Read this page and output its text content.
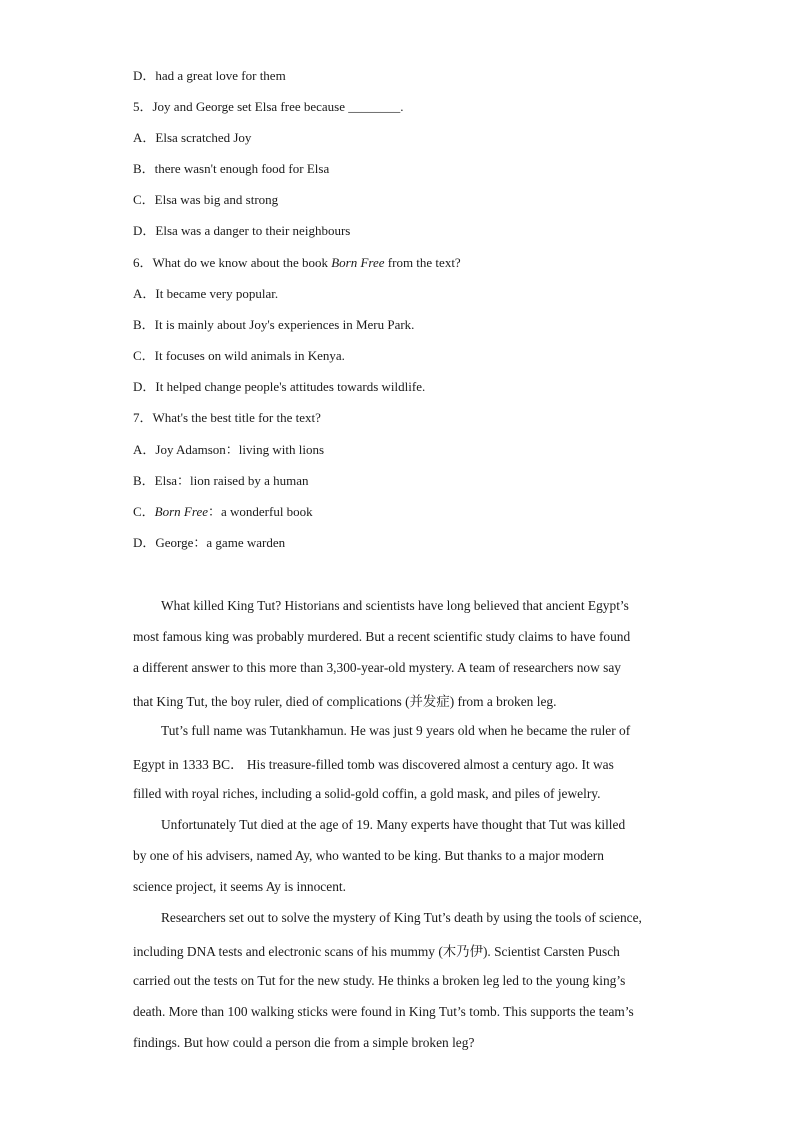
D．had a great love for them
5．Joy and George set Elsa free because ________.
A．Elsa scratched Joy
B．there wasn't enough food for Elsa
C．Elsa was big and strong
D．Elsa was a danger to their neighbours
6．What do we know about the book Born Free from the text?
A．It became very popular.
B．It is mainly about Joy's experiences in Meru Park.
C．It focuses on wild animals in Kenya.
D．It helped change people's attitudes towards wildlife.
7．What's the best title for the text?
A．Joy Adamson：living with lions
B．Elsa：lion raised by a human
C．Born Free：a wonderful book
D．George：a game warden
What killed King Tut? Historians and scientists have long believed that ancient Egypt’s
most famous king was probably murdered. But a recent scientific study claims to have found
a different answer to this more than 3,300-year-old mystery. A team of researchers now say
that King Tut, the boy ruler, died of complications (并发症) from a broken leg.
Tut’s full name was Tutankhamun. He was just 9 years old when he became the ruler of
Egypt in 1333 BC． His treasure-filled tomb was discovered almost a century ago. It was
filled with royal riches, including a solid-gold coffin, a gold mask, and piles of jewelry.
Unfortunately Tut died at the age of 19. Many experts have thought that Tut was killed
by one of his advisers, named Ay, who wanted to be king. But thanks to a major modern
science project, it seems Ay is innocent.
Researchers set out to solve the mystery of King Tut’s death by using the tools of science,
including DNA tests and electronic scans of his mummy (木乃伊). Scientist Carsten Pusch
carried out the tests on Tut for the new study. He thinks a broken leg led to the young king’s
death. More than 100 walking sticks were found in King Tut’s tomb. This supports the team’s
findings. But how could a person die from a simple broken leg?
